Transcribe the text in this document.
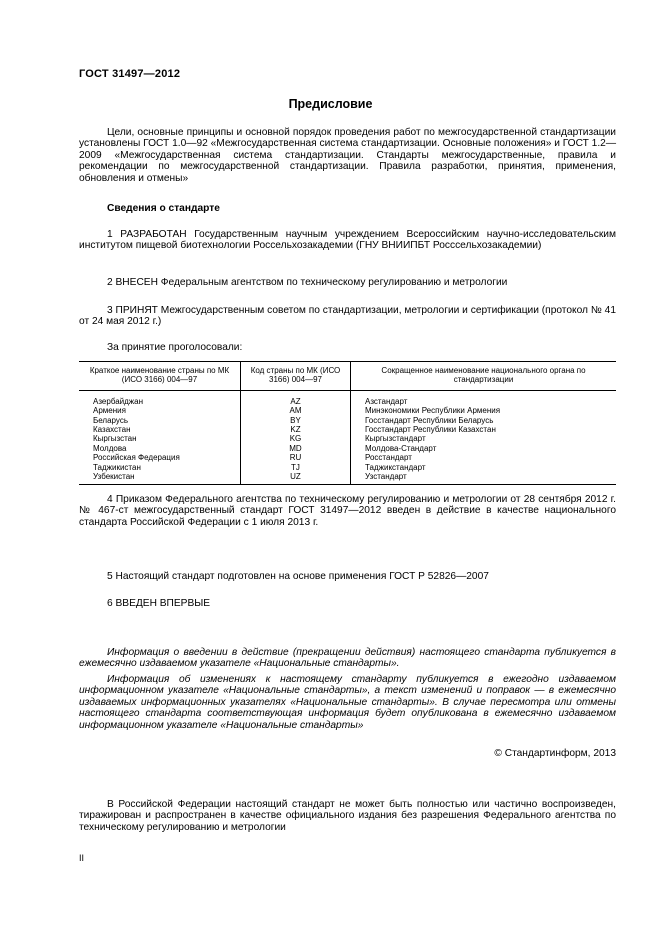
ГОСТ 31497—2012
Предисловие
Цели, основные принципы и основной порядок проведения работ по межгосударственной стандартизации установлены ГОСТ 1.0—92 «Межгосударственная система стандартизации. Основные положения» и ГОСТ 1.2—2009 «Межгосударственная система стандартизации. Стандарты межгосударственные, правила и рекомендации по межгосударственной стандартизации. Правила разработки, принятия, применения, обновления и отмены»
Сведения о стандарте
1 РАЗРАБОТАН Государственным научным учреждением Всероссийским научно-исследовательским институтом пищевой биотехнологии Россельхозакадемии (ГНУ ВНИИПБТ Росссельхозакадемии)
2 ВНЕСЕН Федеральным агентством по техническому регулированию и метрологии
3 ПРИНЯТ Межгосударственным советом по стандартизации, метрологии и сертификации (протокол № 41 от 24 мая 2012 г.)
За принятие проголосовали:
Краткое наименование страны по МК (ИСО 3166) 004—97	Код страны по МК (ИСО 3166) 004—97	Сокращенное наименование национального органа по стандартизации

Азербайджан	AZ	Азстандарт
Армения	AM	Минэкономики Республики Армения
Беларусь	BY	Госстандарт Республики Беларусь
Казахстан	KZ	Госстандарт Республики Казахстан
Кыргызстан	KG	Кыргызстандарт
Молдова	MD	Молдова-Стандарт
Российская Федерация	RU	Росстандарт
Таджикистан	TJ	Таджикстандарт
Узбекистан	UZ	Узстандарт
4 Приказом Федерального агентства по техническому регулированию и метрологии от 28 сентября 2012 г. № 467-ст межгосударственный стандарт ГОСТ 31497—2012 введен в действие в качестве национального стандарта Российской Федерации с 1 июля 2013 г.
5 Настоящий стандарт подготовлен на основе применения ГОСТ Р 52826—2007
6 ВВЕДЕН ВПЕРВЫЕ
Информация о введении в действие (прекращении действия) настоящего стандарта публикуется в ежемесячно издаваемом указателе «Национальные стандарты».
Информация об изменениях к настоящему стандарту публикуется в ежегодно издаваемом информационном указателе «Национальные стандарты», а текст изменений и поправок — в ежемесячно издаваемых информационных указателях «Национальные стандарты». В случае пересмотра или отмены настоящего стандарта соответствующая информация будет опубликована в ежемесячно издаваемом информационном указателе «Национальные стандарты»
© Стандартинформ, 2013
В Российской Федерации настоящий стандарт не может быть полностью или частично воспроизведен, тиражирован и распространен в качестве официального издания без разрешения Федерального агентства по техническому регулированию и метрологии
II
